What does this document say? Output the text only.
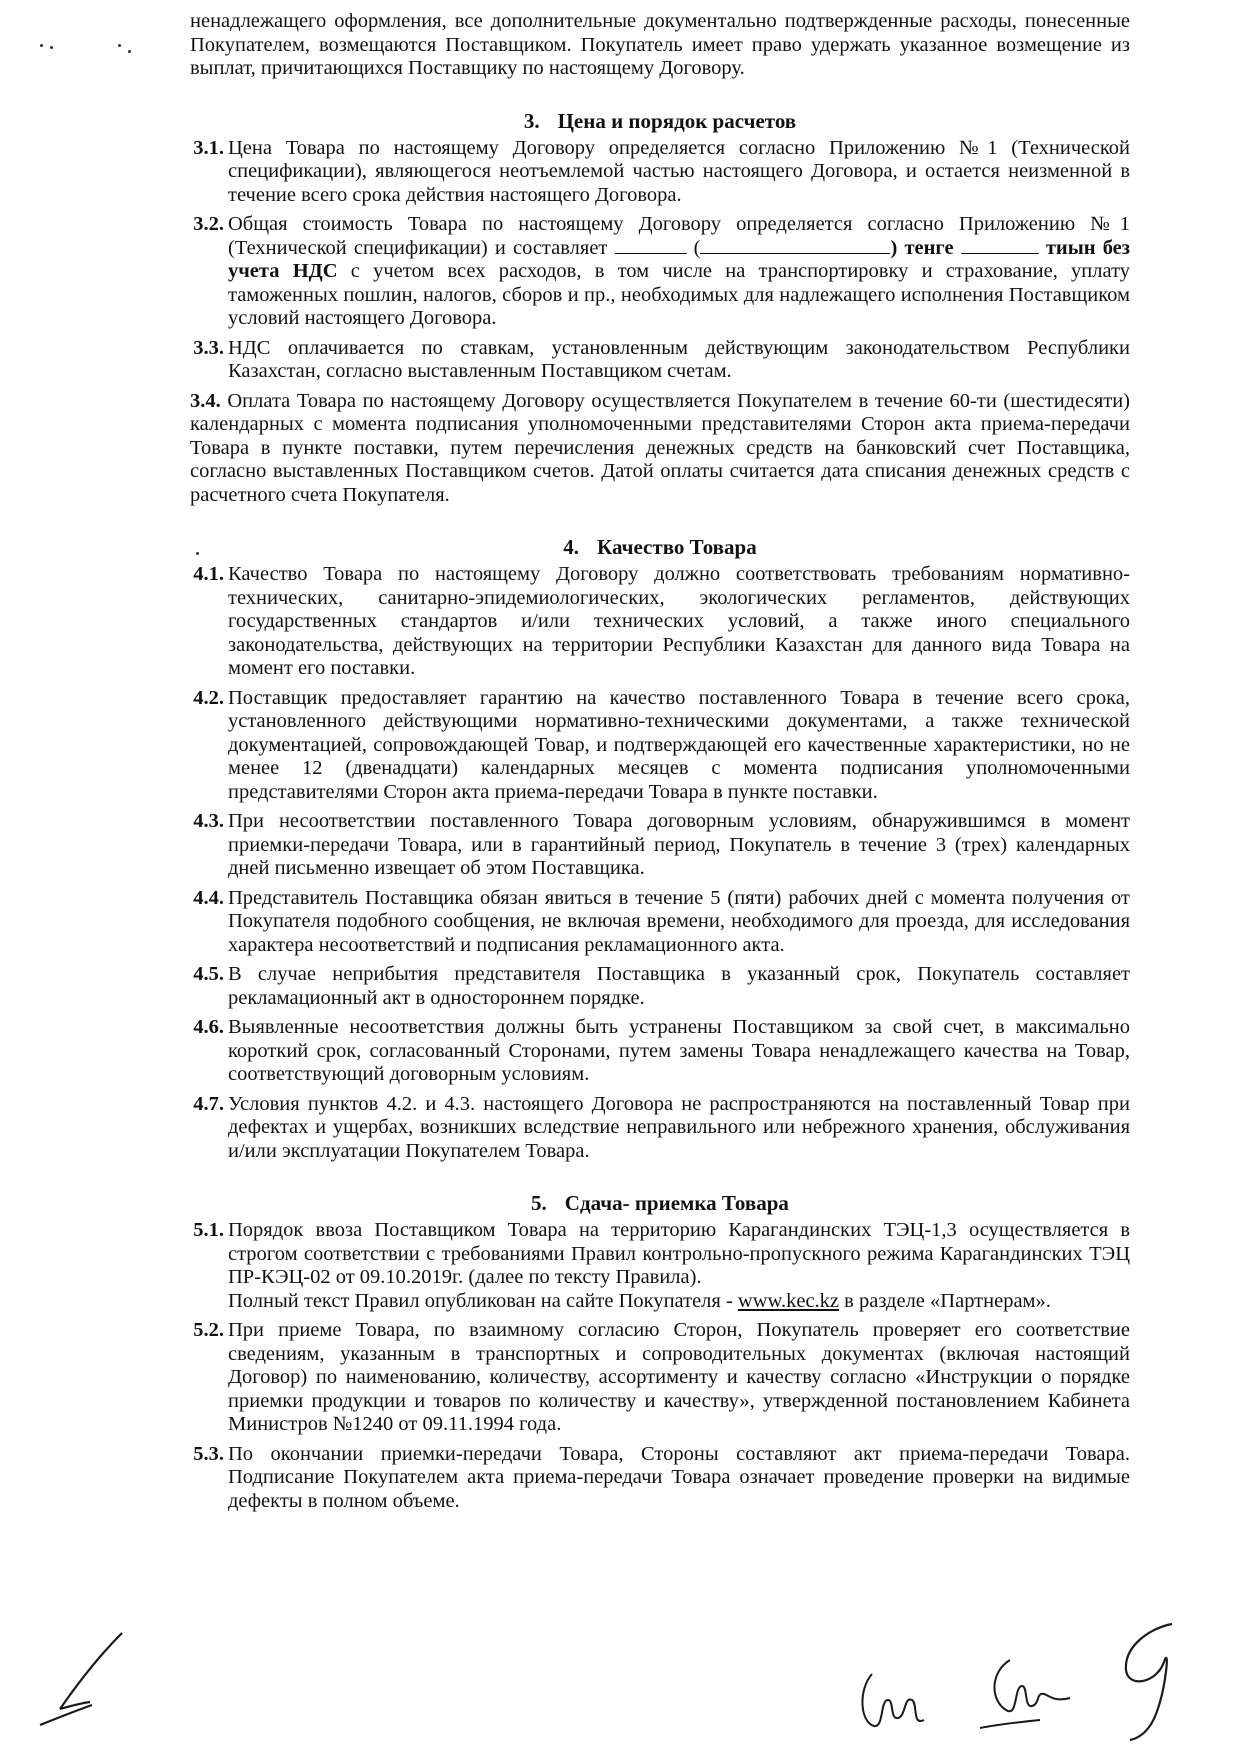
ненадлежащего оформления, все дополнительные документально подтвержденные расходы, понесенные Покупателем, возмещаются Поставщиком. Покупатель имеет право удержать указанное возмещение из выплат, причитающихся Поставщику по настоящему Договору.

3. Цена и порядок расчетов
3.1. Цена Товара по настоящему Договору определяется согласно Приложению №1 (Технической спецификации), являющегося неотъемлемой частью настоящего Договора, и остается неизменной в течение всего срока действия настоящего Договора.
3.2. Общая стоимость Товара по настоящему Договору определяется согласно Приложению №1 (Технической спецификации) и составляет	(	) тенге	тиын без учета НДС с учетом всех расходов, в том числе на транспортировку и страхование, уплату таможенных пошлин, налогов, сборов и пр., необходимых для надлежащего исполнения Поставщиком условий настоящего Договора.
3.3. НДС оплачивается по ставкам, установленным действующим законодательством Республики Казахстан, согласно выставленным Поставщиком счетам.
3.4. Оплата Товара по настоящему Договору осуществляется Покупателем в течение 60-ти (шестидесяти) календарных с момента подписания уполномоченными представителями Сторон акта приема-передачи Товара в пункте поставки, путем перечисления денежных средств на банковский счет Поставщика, согласно выставленных Поставщиком счетов. Датой оплаты считается дата списания денежных средств с расчетного счета Покупателя.
4. Качество Товара
4.1. Качество Товара по настоящему Договору должно соответствовать требованиям нормативно-технических, санитарно-эпидемиологических, экологических регламентов, действующих государственных стандартов и/или технических условий, а также иного специального законодательства, действующих на территории Республики Казахстан для данного вида Товара на момент его поставки.
4.2. Поставщик предоставляет гарантию на качество поставленного Товара в течение всего срока, установленного действующими нормативно-техническими документами, а также технической документацией, сопровождающей Товар, и подтверждающей его качественные характеристики, но не менее 12 (двенадцати) календарных месяцев с момента подписания уполномоченными представителями Сторон акта приема-передачи Товара в пункте поставки.
4.3. При несоответствии поставленного Товара договорным условиям, обнаружившимся в момент приемки-передачи Товара, или в гарантийный период, Покупатель в течение 3 (трех) календарных дней письменно извещает об этом Поставщика.
4.4. Представитель Поставщика обязан явиться в течение 5 (пяти) рабочих дней с момента получения от Покупателя подобного сообщения, не включая времени, необходимого для проезда, для исследования характера несоответствий и подписания рекламационного акта.
4.5. В случае неприбытия представителя Поставщика в указанный срок, Покупатель составляет рекламационный акт в одностороннем порядке.
4.6. Выявленные несоответствия должны быть устранены Поставщиком за свой счет, в максимально короткий срок, согласованный Сторонами, путем замены Товара ненадлежащего качества на Товар, соответствующий договорным условиям.
4.7. Условия пунктов 4.2. и 4.3. настоящего Договора не распространяются на поставленный Товар при дефектах и ущербах, возникших вследствие неправильного или небрежного хранения, обслуживания и/или эксплуатации Покупателем Товара.
5. Сдача- приемка Товара
5.1. Порядок ввоза Поставщиком Товара на территорию Карагандинских ТЭЦ-1,3 осуществляется в строгом соответствии с требованиями Правил контрольно-пропускного режима Карагандинских ТЭЦ ПР-КЭЦ-02 от 09.10.2019г. (далее по тексту Правила).
Полный текст Правил опубликован на сайте Покупателя - www.kec.kz в разделе «Партнерам».
5.2. При приеме Товара, по взаимному согласию Сторон, Покупатель проверяет его соответствие сведениям, указанным в транспортных и сопроводительных документах (включая настоящий Договор) по наименованию, количеству, ассортименту и качеству согласно «Инструкции о порядке приемки продукции и товаров по количеству и качеству», утвержденной постановлением Кабинета Министров №1240 от 09.11.1994 года.
5.3. По окончании приемки-передачи Товара, Стороны составляют акт приема-передачи Товара. Подписание Покупателем акта приема-передачи Товара означает проведение проверки на видимые дефекты в полном объеме.
